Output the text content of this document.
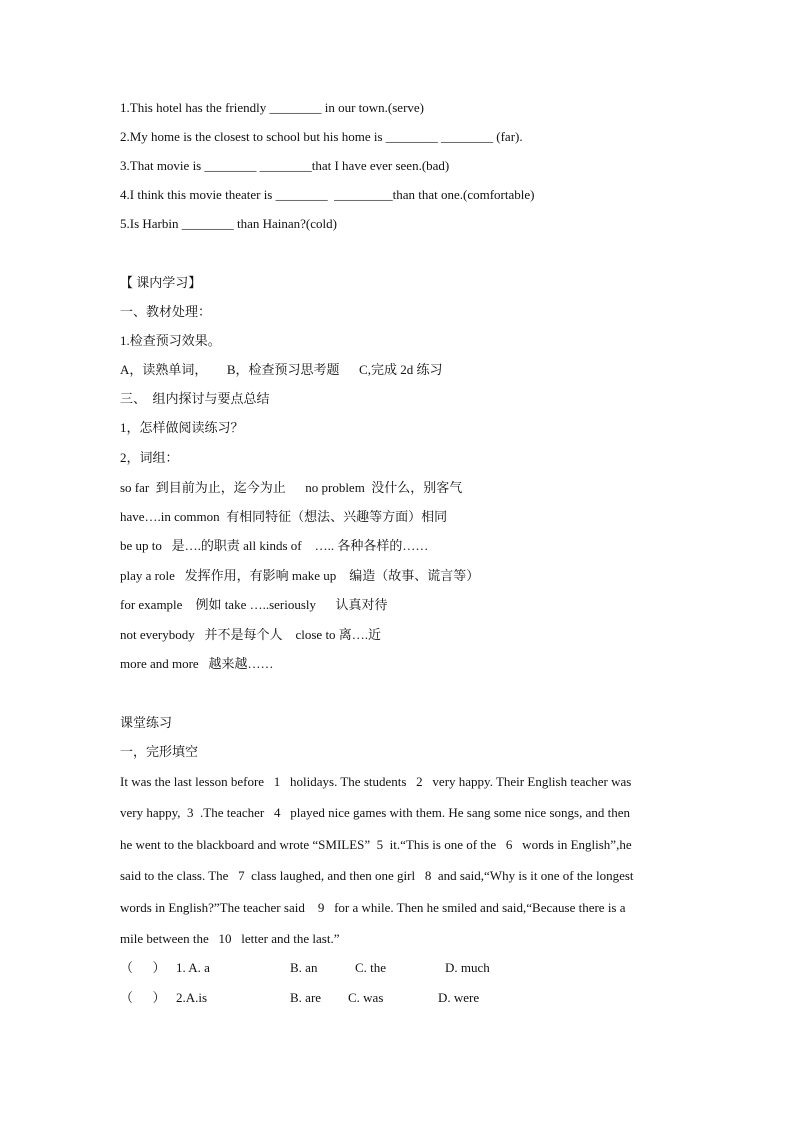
1.This hotel has the friendly ________ in our town.(serve)
2.My home is the closest to school but his home is ________ ________ (far).
3.That movie is ________ ________that I have ever seen.(bad)
4.I think this movie theater is ________  _________than that one.(comfortable)
5.Is Harbin ________ than Hainan?(cold)
【 课内学习】
一、教材处理：
1.检查预习效果。
A，读熟单词，      B，检查预习思考题      C,完成 2d 练习
三、  组内探讨与要点总结
1，怎样做阅读练习？
2，词组：
so far  到目前为止，迄今为止      no problem  没什么，别客气
have….in common  有相同特征（想法、兴趣等方面）相同
be up to   是….的职责 all kinds of    ….. 各种各样的……
play a role   发挥作用，有影响 make up    编造（故事、谎言等）
for example    例如 take …..seriously      认真对待
not everybody   并不是每个人    close to 离….近
more and more   越来越……
课堂练习
一，完形填空
It was the last lesson before   1   holidays. The students   2   very happy. Their English teacher was
very happy,  3  .The teacher   4   played nice games with them. He sang some nice songs, and then
he went to the blackboard and wrote “SMILES”  5  it.“This is one of the   6   words in English”,he
said to the class. The   7  class laughed, and then one girl   8  and said,“Why is it one of the longest
words in English?”The teacher said    9   for a while. Then he smiled and said,“Because there is a
mile between the   10   letter and the last.”
（      ） 1. A. a	B. an	C. the	D. much
（      ） 2.A.is	B. are C. was	D. were
